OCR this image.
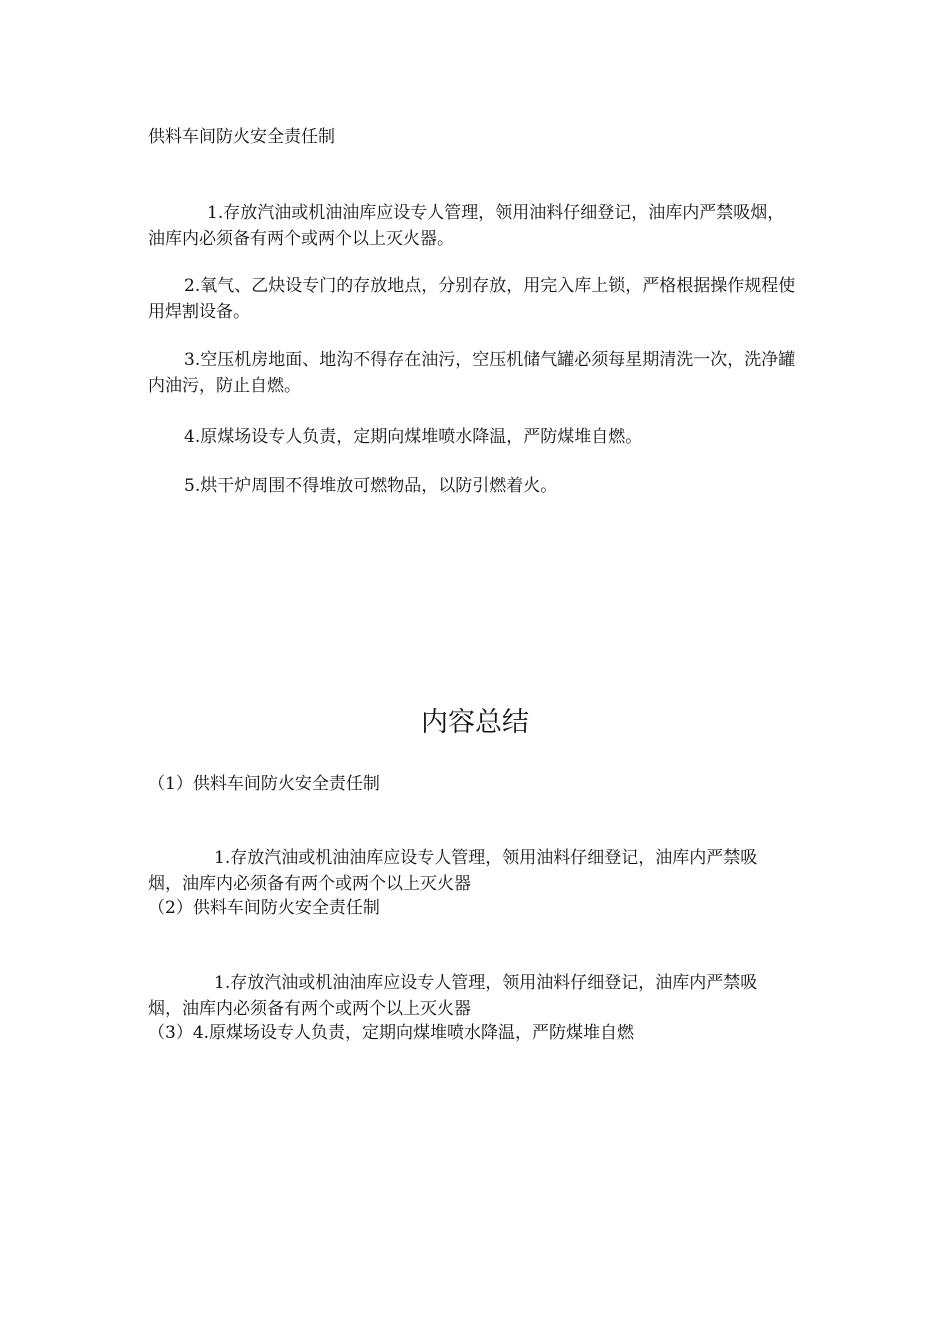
供料车间防火安全责任制

1.存放汽油或机油油库应设专人管理，领用油料仔细登记，油库内严禁吸烟，油库内必须备有两个或两个以上灭火器。

2.氧气、乙炔设专门的存放地点，分别存放，用完入库上锁，严格根据操作规程使用焊割设备。

3.空压机房地面、地沟不得存在油污，空压机储气罐必须每星期清洗一次，洗净罐内油污，防止自燃。

4.原煤场设专人负责，定期向煤堆喷水降温，严防煤堆自燃。

5.烘干炉周围不得堆放可燃物品，以防引燃着火。

内容总结

（1）供料车间防火安全责任制

1.存放汽油或机油油库应设专人管理，领用油料仔细登记，油库内严禁吸烟，油库内必须备有两个或两个以上灭火器

（2）供料车间防火安全责任制

1.存放汽油或机油油库应设专人管理，领用油料仔细登记，油库内严禁吸烟，油库内必须备有两个或两个以上灭火器

（3）4.原煤场设专人负责，定期向煤堆喷水降温，严防煤堆自燃
